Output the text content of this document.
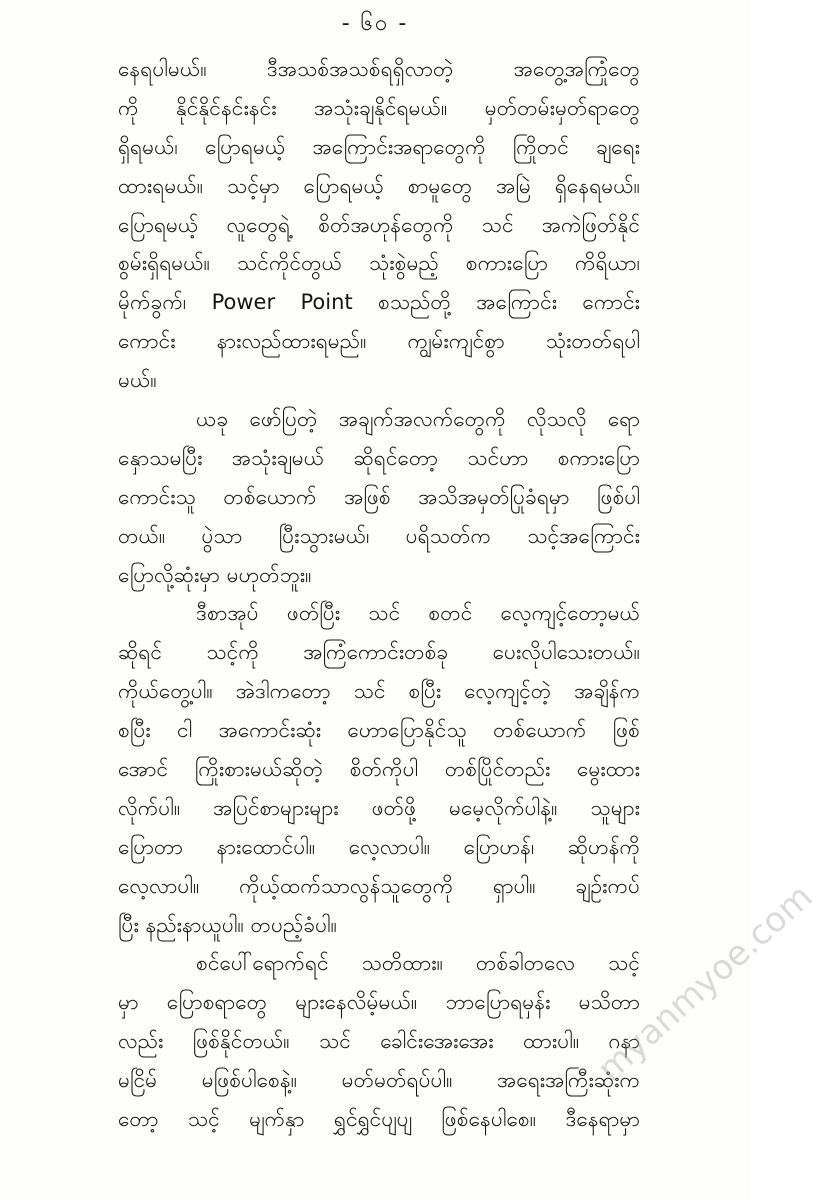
- ၆၀ -
နေရပါမယ်။ ဒီအသစ်အသစ်ရရှိလာတဲ့ အတွေ့အကြုံတွေ
ကို နိုင်နိုင်နင်းနင်း အသုံးချနိုင်ရမယ်။ မှတ်တမ်းမှတ်ရာတွေ
ရှိရမယ်၊ ပြောရမယ့် အကြောင်းအရာတွေကို ကြိုတင် ချရေး
ထားရမယ်။ သင့်မှာ ပြောရမယ့် စာမူတွေ အမြဲ ရှိနေရမယ်။
ပြောရမယ့် လူတွေရဲ့ စိတ်အဟုန်တွေကို သင် အကဲဖြတ်နိုင်
စွမ်းရှိရမယ်။ သင်ကိုင်တွယ် သုံးစွဲမည့် စကားပြော ကိရိယာ၊
မိုက်ခွက်၊ Power Point စသည်တို့ အကြောင်း ကောင်း
ကောင်း နားလည်ထားရမည်။ ကျွမ်းကျင်စွာ သုံးတတ်ရပါ
မယ်။
ယခု ဖော်ပြတဲ့ အချက်အလက်တွေကို လိုသလို ရော
နှောသမပြီး အသုံးချမယ် ဆိုရင်တော့ သင်ဟာ စကားပြော
ကောင်းသူ တစ်ယောက် အဖြစ် အသိအမှတ်ပြုခံရမှာ ဖြစ်ပါ
တယ်။ ပွဲသာ ပြီးသွားမယ်၊ ပရိသတ်က သင့်အကြောင်း
ပြောလို့ဆုံးမှာ မဟုတ်ဘူး။
ဒီစာအုပ် ဖတ်ပြီး သင် စတင် လေ့ကျင့်တော့မယ်
ဆိုရင် သင့်ကို အကြံကောင်းတစ်ခု ပေးလိုပါသေးတယ်။
ကိုယ်တွေ့ပါ။ အဲဒါကတော့ သင် စပြီး လေ့ကျင့်တဲ့ အချိန်က
စပြီး ငါ အကောင်းဆုံး ဟောပြောနိုင်သူ တစ်ယောက် ဖြစ်
အောင် ကြိုးစားမယ်ဆိုတဲ့ စိတ်ကိုပါ တစ်ပြိုင်တည်း မွေးထား
လိုက်ပါ။ အပြင်စာများများ ဖတ်ဖို့ မမေ့လိုက်ပါနဲ့။ သူများ
ပြောတာ နားထောင်ပါ။ လေ့လာပါ။ ပြောဟန်၊ ဆိုဟန်ကို
လေ့လာပါ။ ကိုယ့်ထက်သာလွန်သူတွေကို ရှာပါ။ ချဉ်းကပ်
ပြီး နည်းနာယူပါ။ တပည့်ခံပါ။
စင်ပေါ်ရောက်ရင် သတိထား။ တစ်ခါတလေ သင့်
မှာ ပြောစရာတွေ များနေလိမ့်မယ်။ ဘာပြောရမှန်း မသိတာ
လည်း ဖြစ်နိုင်တယ်။ သင် ခေါင်းအေးအေး ထားပါ။ ဂနာ
မငြိမ် မဖြစ်ပါစေနဲ့။ မတ်မတ်ရပ်ပါ။ အရေးအကြီးဆုံးက
တော့ သင့် မျက်နှာ ရွှင်ရွှင်ပျပျ ဖြစ်နေပါစေ။ ဒီနေရာမှာ
myanmyoe.com
